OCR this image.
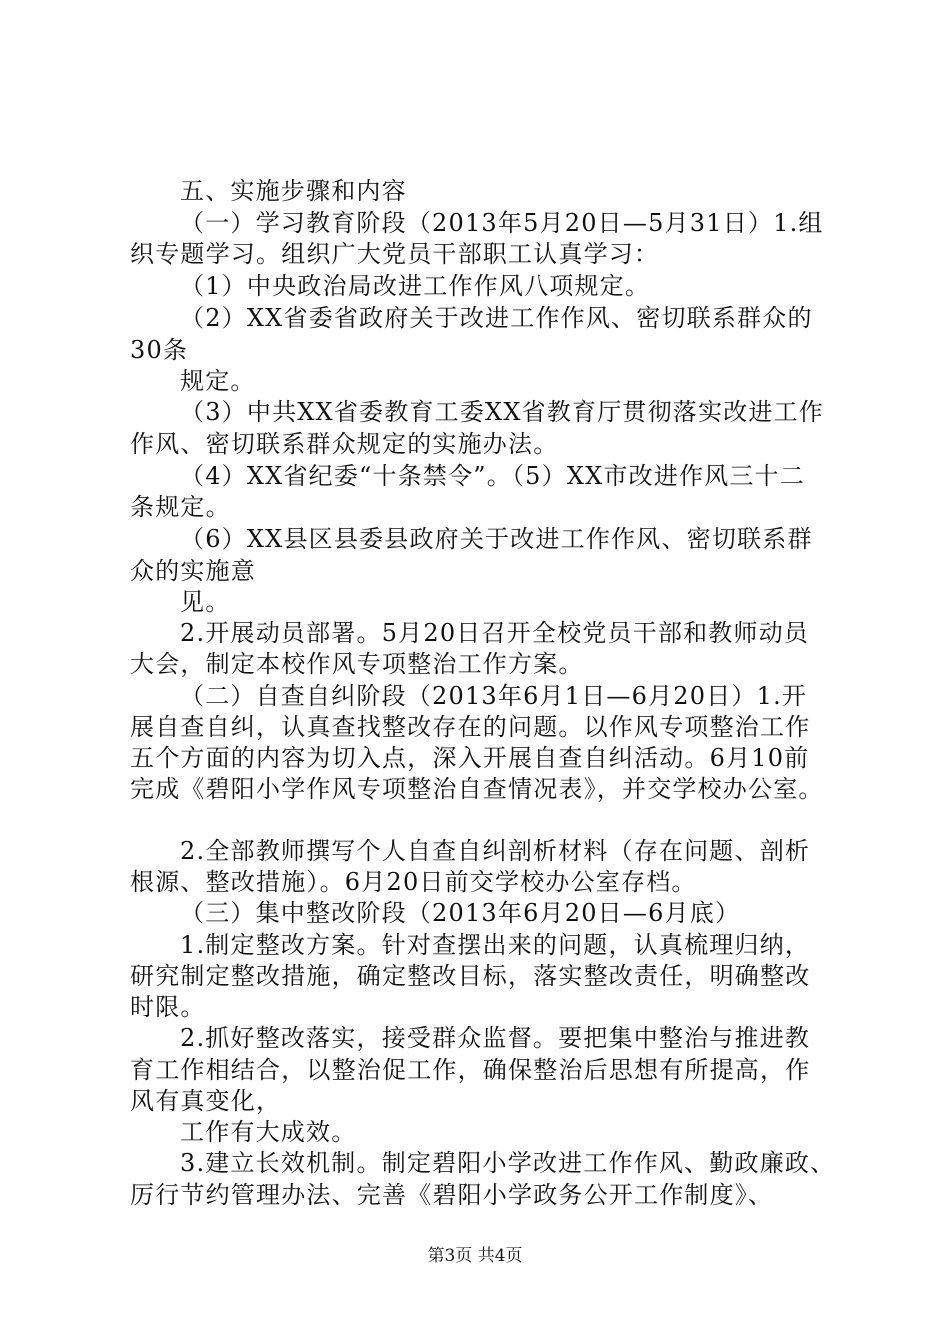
五、实施步骤和内容
（一）学习教育阶段（2013年5月20日—5月31日）1.组
织专题学习。组织广大党员干部职工认真学习：
（1）中央政治局改进工作作风八项规定。
（2）XX省委省政府关于改进工作作风、密切联系群众的
30条
规定。
（3）中共XX省委教育工委XX省教育厅贯彻落实改进工作
作风、密切联系群众规定的实施办法。
（4）XX省纪委“十条禁令”。（5）XX市改进作风三十二
条规定。
（6）XX县区县委县政府关于改进工作作风、密切联系群
众的实施意
见。
2.开展动员部署。5月20日召开全校党员干部和教师动员
大会，制定本校作风专项整治工作方案。
（二）自查自纠阶段（2013年6月1日—6月20日）1.开
展自查自纠，认真查找整改存在的问题。以作风专项整治工作
五个方面的内容为切入点，深入开展自查自纠活动。6月10前
完成《碧阳小学作风专项整治自查情况表》，并交学校办公室。
2.全部教师撰写个人自查自纠剖析材料（存在问题、剖析
根源、整改措施）。6月20日前交学校办公室存档。
（三）集中整改阶段（2013年6月20日—6月底）
1.制定整改方案。针对查摆出来的问题，认真梳理归纳，
研究制定整改措施，确定整改目标，落实整改责任，明确整改
时限。
2.抓好整改落实，接受群众监督。要把集中整治与推进教
育工作相结合，以整治促工作，确保整治后思想有所提高，作
风有真变化，
工作有大成效。
3.建立长效机制。制定碧阳小学改进工作作风、勤政廉政、
厉行节约管理办法、完善《碧阳小学政务公开工作制度》、
第3页 共4页
